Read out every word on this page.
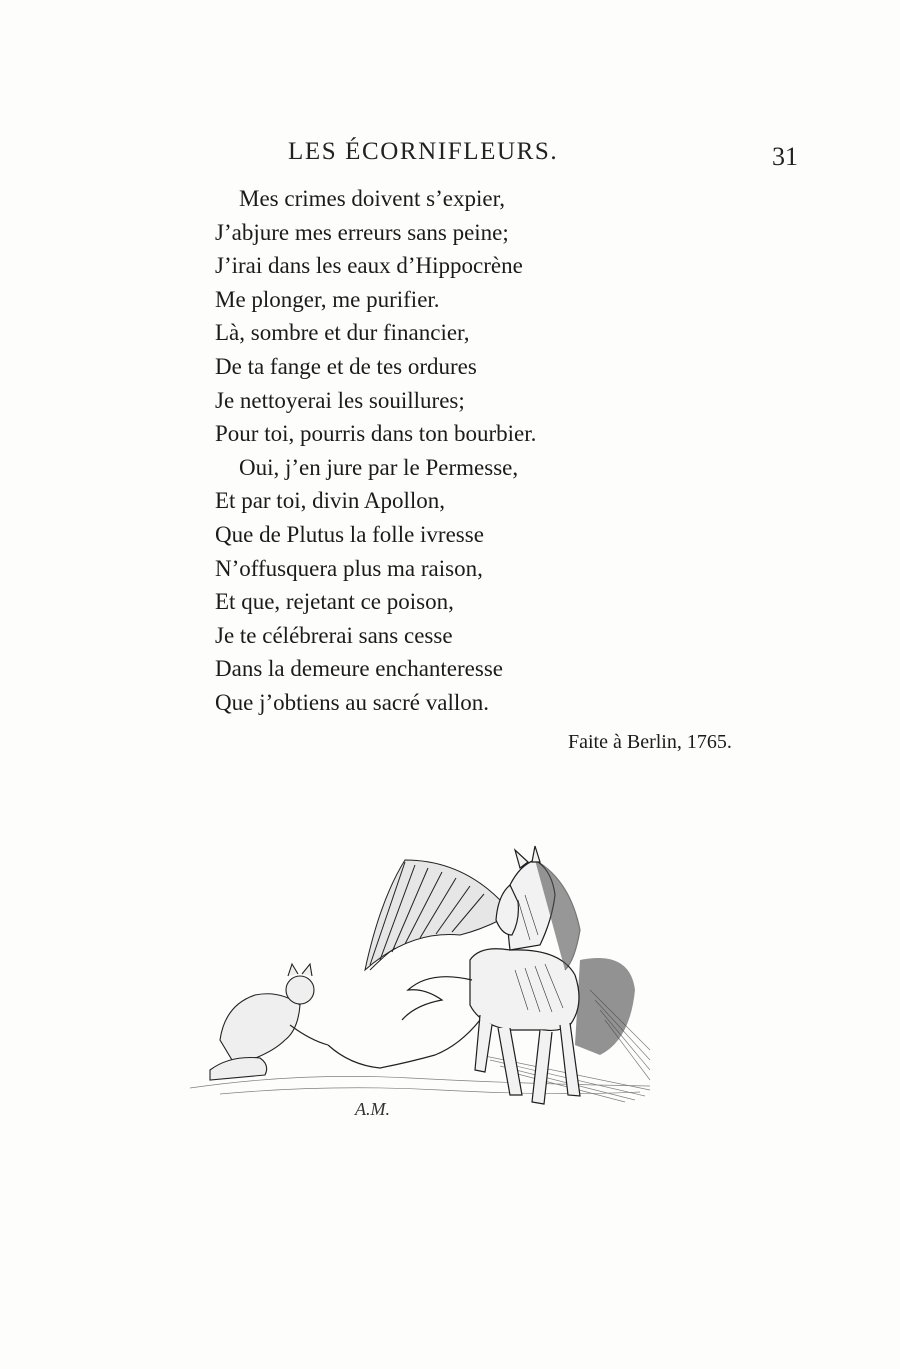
LES ÉCORNIFLEURS.	31
Mes crimes doivent s’expier,
J’abjure mes erreurs sans peine;
J’irai dans les eaux d’Hippocrène
Me plonger, me purifier.
Là, sombre et dur financier,
De ta fange et de tes ordures
Je nettoyerai les souillures;
Pour toi, pourris dans ton bourbier.
Oui, j’en jure par le Permesse,
Et par toi, divin Apollon,
Que de Plutus la folle ivresse
N’offusquera plus ma raison,
Et que, rejetant ce poison,
Je te célébrerai sans cesse
Dans la demeure enchanteresse
Que j’obtiens au sacré vallon.
Faite à Berlin, 1765.
A.M.
